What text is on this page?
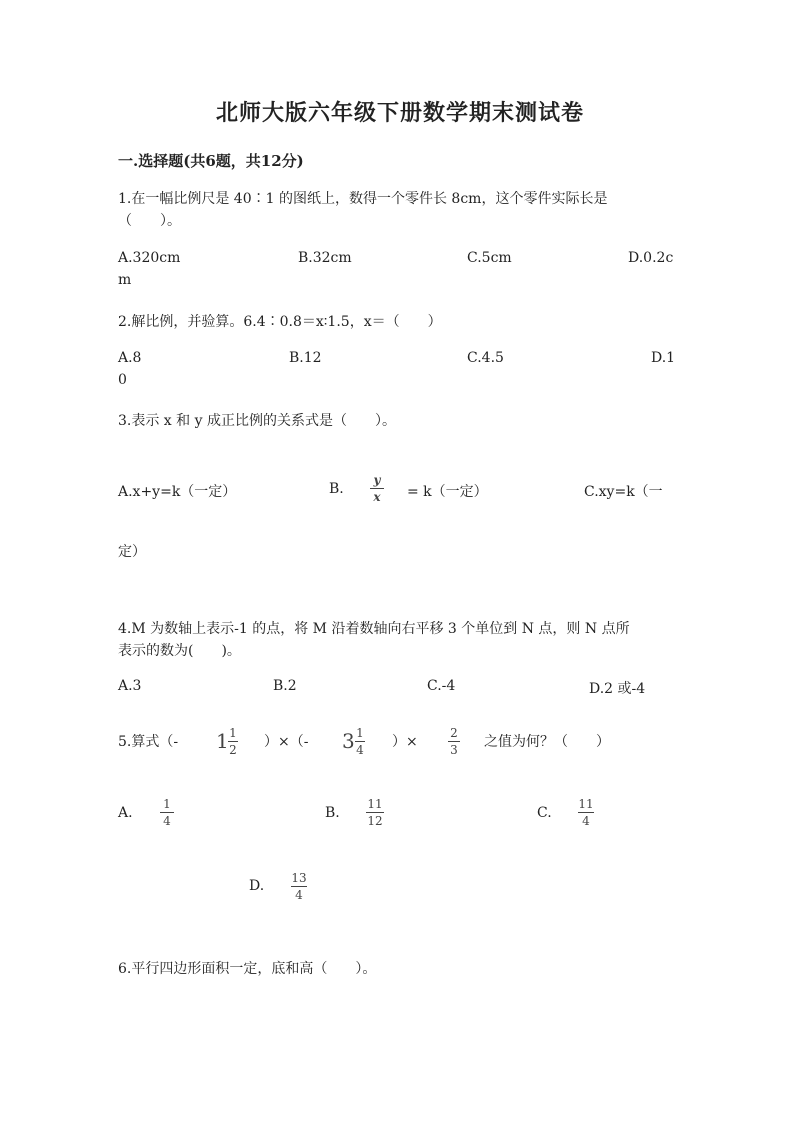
北师大版六年级下册数学期末测试卷
一.选择题(共6题，共12分)
1.在一幅比例尺是 40∶1 的图纸上，数得一个零件长 8cm，这个零件实际长是
（　　）。
A.320cm	B.32cm	C.5cm	D.0.2c
m
2.解比例，并验算。6.4∶0.8＝x∶1.5，x＝（　　）
A.8	B.12	C.4.5	D.1
0
3.表示 x 和 y 成正比例的关系式是（　　）。
A.x+y=k（一定）	B.
y
x = k（一定）	C.xy=k（一
定）
4.M 为数轴上表示-1 的点，将 M 沿着数轴向右平移 3 个单位到 N 点，则 N 点所
表示的数为(　　)。
A.3	B.2	C.-4	D.2 或-4
5.算式（- 1 1
2 ）×（- 3 1
4 ）×
2
3 之值为何？（　　）
A.
1
4	B.
11
12	C.
11
4
D. 13
4
6.平行四边形面积一定，底和高（　　）。
